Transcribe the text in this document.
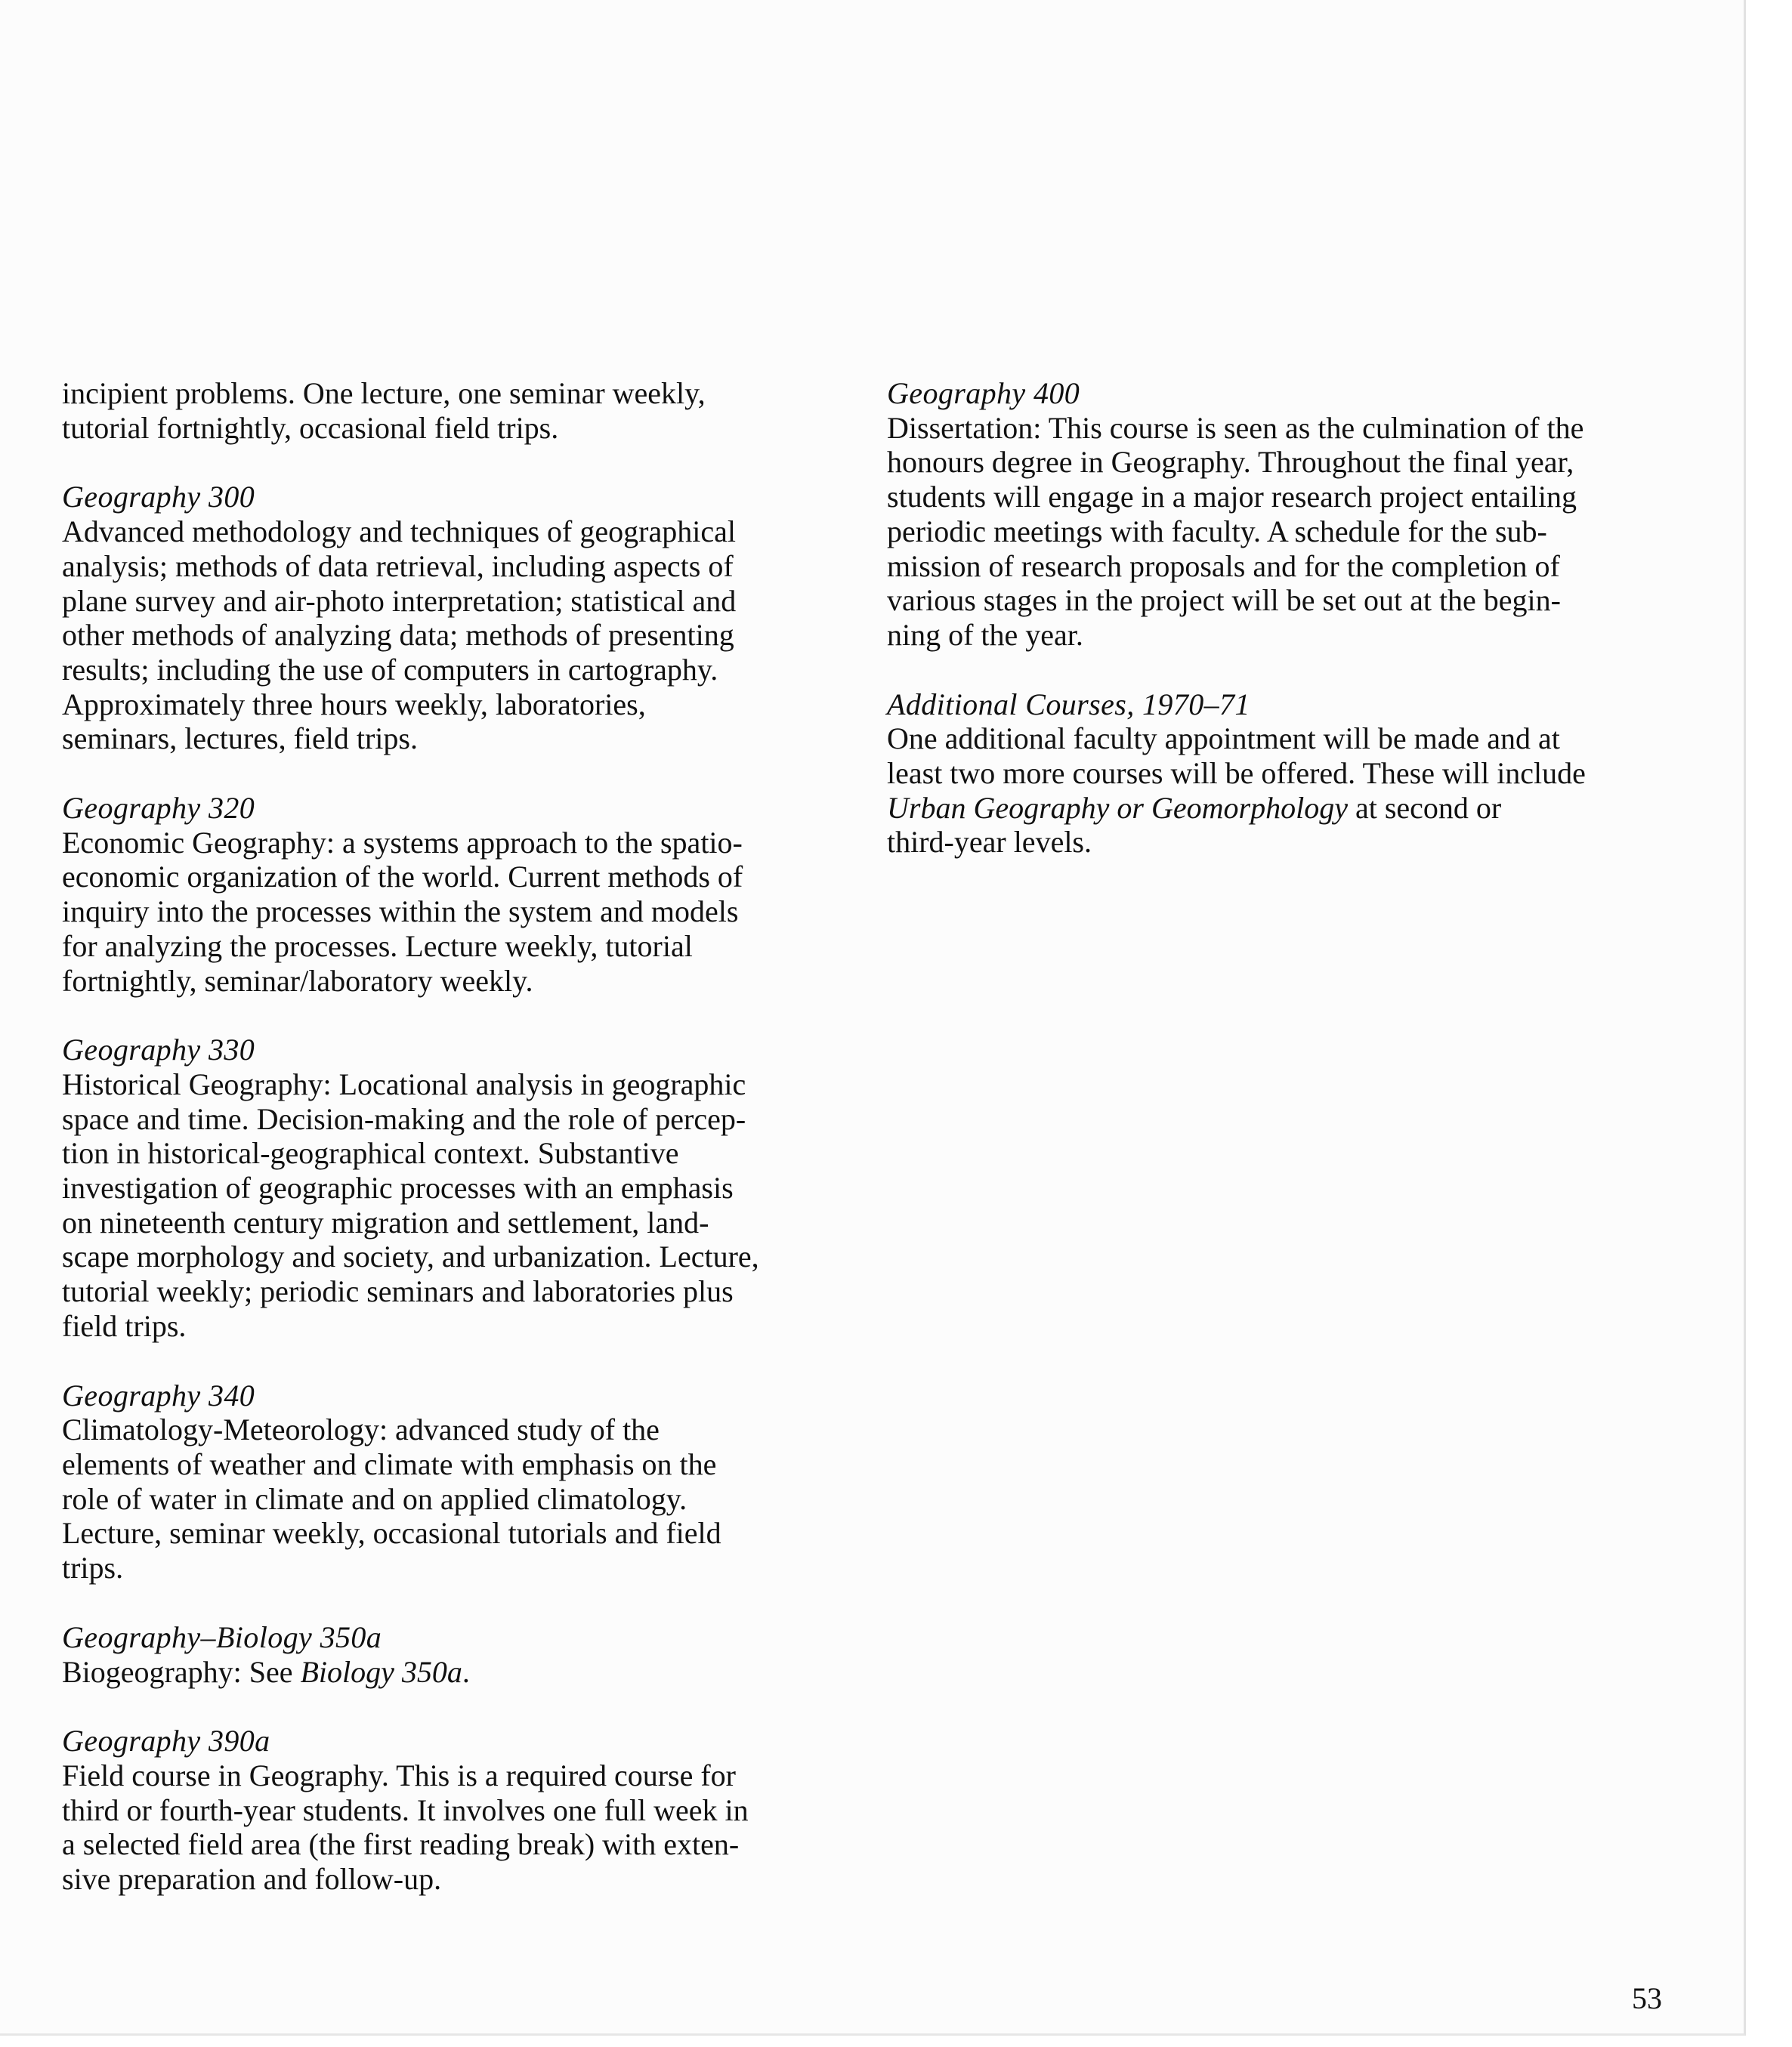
incipient problems. One lecture, one seminar weekly,
tutorial fortnightly, occasional field trips.
Geography 300
Advanced methodology and techniques of geographical
analysis; methods of data retrieval, including aspects of
plane survey and air-photo interpretation; statistical and
other methods of analyzing data; methods of presenting
results; including the use of computers in cartography.
Approximately three hours weekly, laboratories,
seminars, lectures, field trips.
Geography 320
Economic Geography: a systems approach to the spatio-
economic organization of the world. Current methods of
inquiry into the processes within the system and models
for analyzing the processes. Lecture weekly, tutorial
fortnightly, seminar/laboratory weekly.
Geography 330
Historical Geography: Locational analysis in geographic
space and time. Decision-making and the role of percep-
tion in historical-geographical context. Substantive
investigation of geographic processes with an emphasis
on nineteenth century migration and settlement, land-
scape morphology and society, and urbanization. Lecture,
tutorial weekly; periodic seminars and laboratories plus
field trips.
Geography 340
Climatology-Meteorology: advanced study of the
elements of weather and climate with emphasis on the
role of water in climate and on applied climatology.
Lecture, seminar weekly, occasional tutorials and field
trips.
Geography–Biology 350a
Biogeography: See Biology 350a.
Geography 390a
Field course in Geography. This is a required course for
third or fourth-year students. It involves one full week in
a selected field area (the first reading break) with exten-
sive preparation and follow-up.
Geography 400
Dissertation: This course is seen as the culmination of the
honours degree in Geography. Throughout the final year,
students will engage in a major research project entailing
periodic meetings with faculty. A schedule for the sub-
mission of research proposals and for the completion of
various stages in the project will be set out at the begin-
ning of the year.
Additional Courses, 1970–71
One additional faculty appointment will be made and at
least two more courses will be offered. These will include
Urban Geography or Geomorphology at second or
third-year levels.
53
